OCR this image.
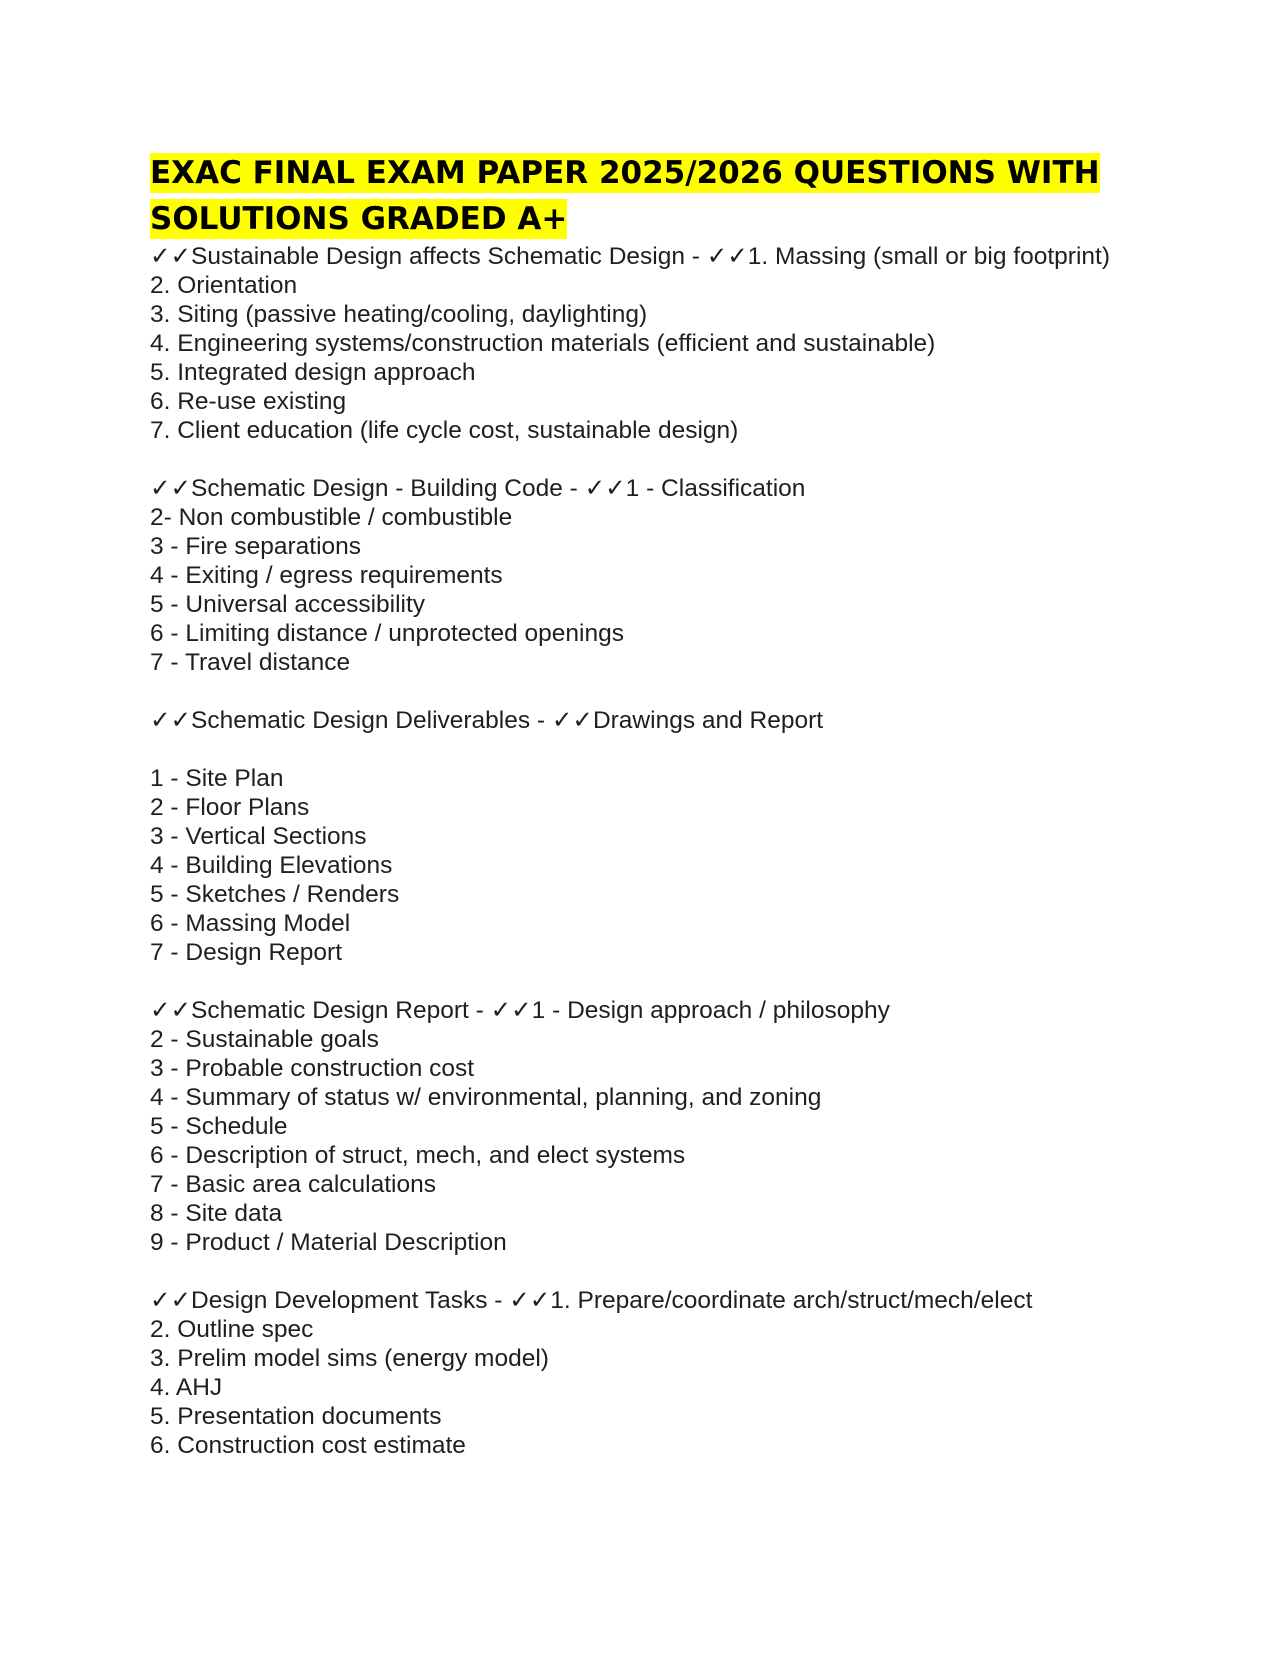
EXAC FINAL EXAM PAPER 2025/2026 QUESTIONS WITH SOLUTIONS GRADED A+
✓✓Sustainable Design affects Schematic Design - ✓✓1. Massing (small or big footprint)
2. Orientation
3. Siting (passive heating/cooling, daylighting)
4. Engineering systems/construction materials (efficient and sustainable)
5. Integrated design approach
6. Re-use existing
7. Client education (life cycle cost, sustainable design)
✓✓Schematic Design - Building Code - ✓✓1 - Classification
2- Non combustible / combustible
3 - Fire separations
4 - Exiting / egress requirements
5 - Universal accessibility
6 - Limiting distance / unprotected openings
7 - Travel distance
✓✓Schematic Design Deliverables - ✓✓Drawings and Report
1 - Site Plan
2 - Floor Plans
3 - Vertical Sections
4 - Building Elevations
5 - Sketches / Renders
6 - Massing Model
7 - Design Report
✓✓Schematic Design Report - ✓✓1 - Design approach / philosophy
2 - Sustainable goals
3 - Probable construction cost
4 - Summary of status w/ environmental, planning, and zoning
5 - Schedule
6 - Description of struct, mech, and elect systems
7 - Basic area calculations
8 - Site data
9 - Product / Material Description
✓✓Design Development Tasks - ✓✓1. Prepare/coordinate arch/struct/mech/elect
2. Outline spec
3. Prelim model sims (energy model)
4. AHJ
5. Presentation documents
6. Construction cost estimate
